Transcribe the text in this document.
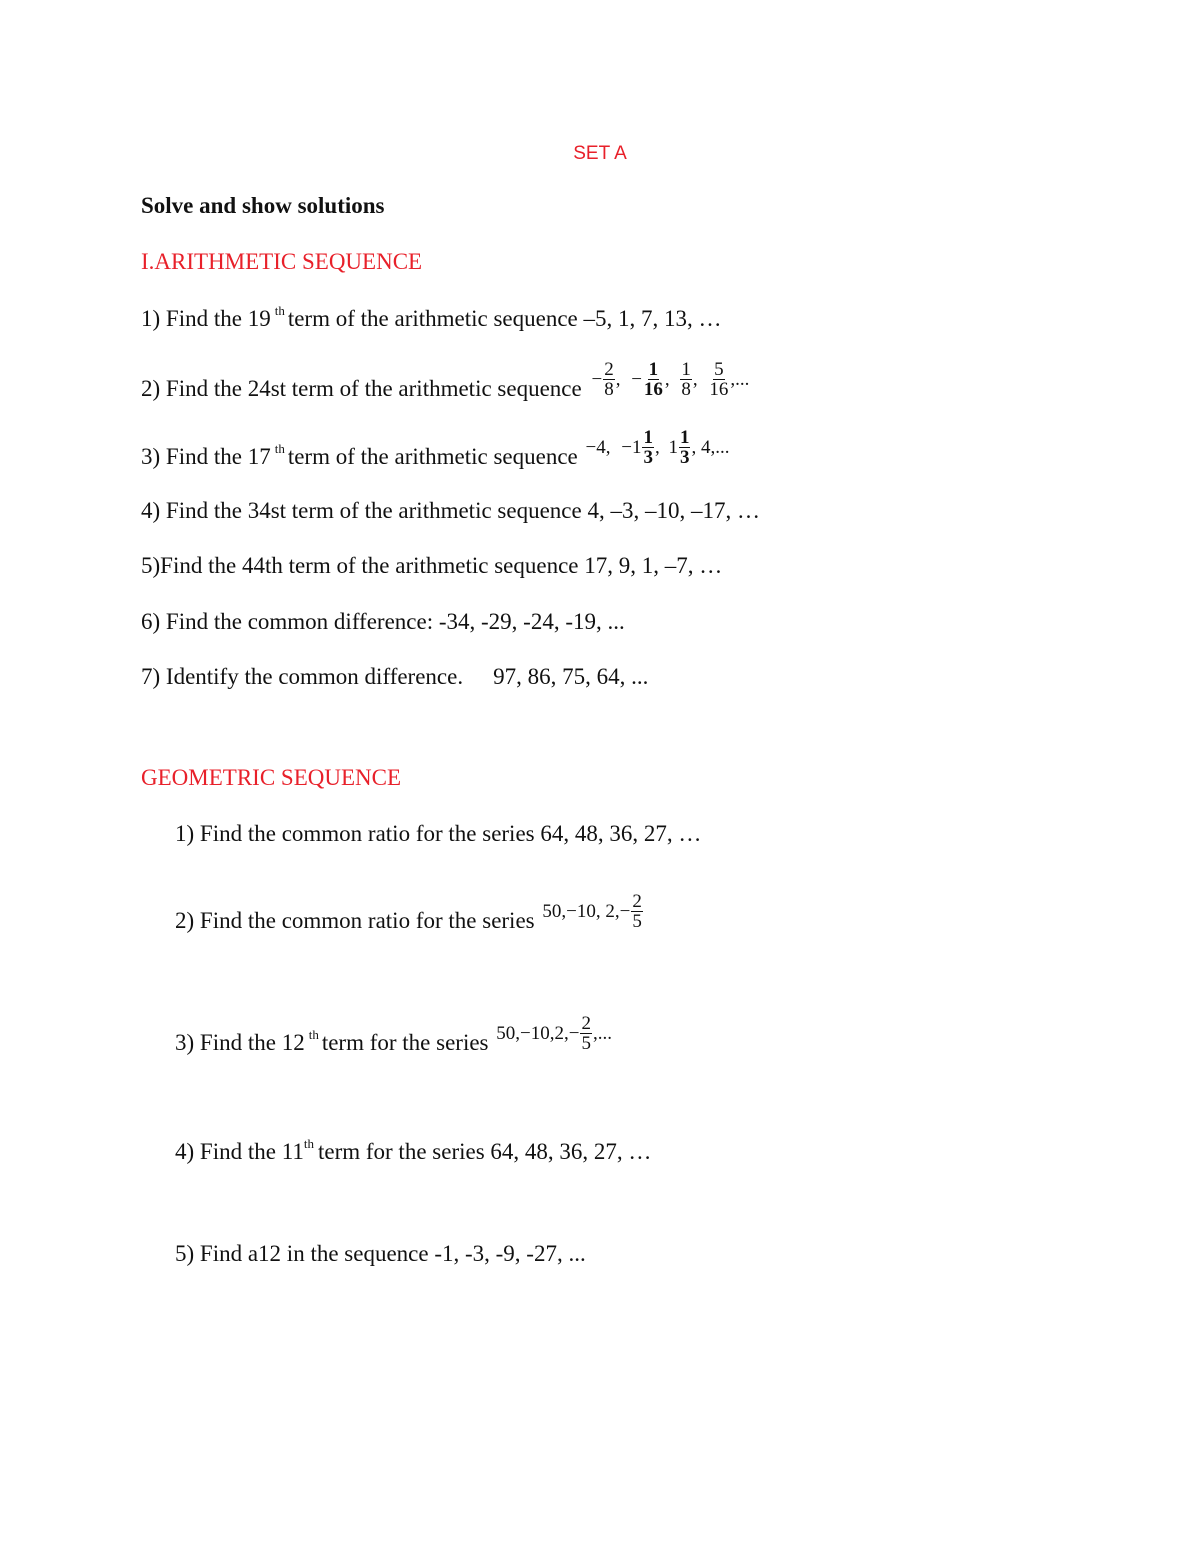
SET A
Solve and show solutions
I.ARITHMETIC SEQUENCE
1) Find the 19 $^{th}$ term of the arithmetic sequence –5, 1, 7, 13, …
2) Find the 24st term of the arithmetic sequence − $\frac{2}{8}$ , − $\frac{1}{16}$ , $\frac{1}{8}$ , $\frac{5}{16}$ ,...
3) Find the 17 $^{th}$ term of the arithmetic sequence −4, $-1 \frac{1}{3}$ , $1 \frac{1}{3}$ , 4,...
4) Find the 34st term of the arithmetic sequence 4, –3, –10, –17, …
5)Find the 44th term of the arithmetic sequence 17, 9, 1, –7, …
6) Find the common difference: -34, -29, -24, -19, ...
7) Identify the common difference. 97, 86, 75, 64, ...
GEOMETRIC SEQUENCE
1) Find the common ratio for the series 64, 48, 36, 27, …
2) Find the common ratio for the series 50,−10, $2,- \frac{2}{5}$
3) Find the 12 $^{th}$ term for the series $50,-10,2,- \frac{2}{5}$ ,...
4) Find the 11th term for the series 64, 48, 36, 27, …
5) Find a12 in the sequence -1, -3, -9, -27, ...
